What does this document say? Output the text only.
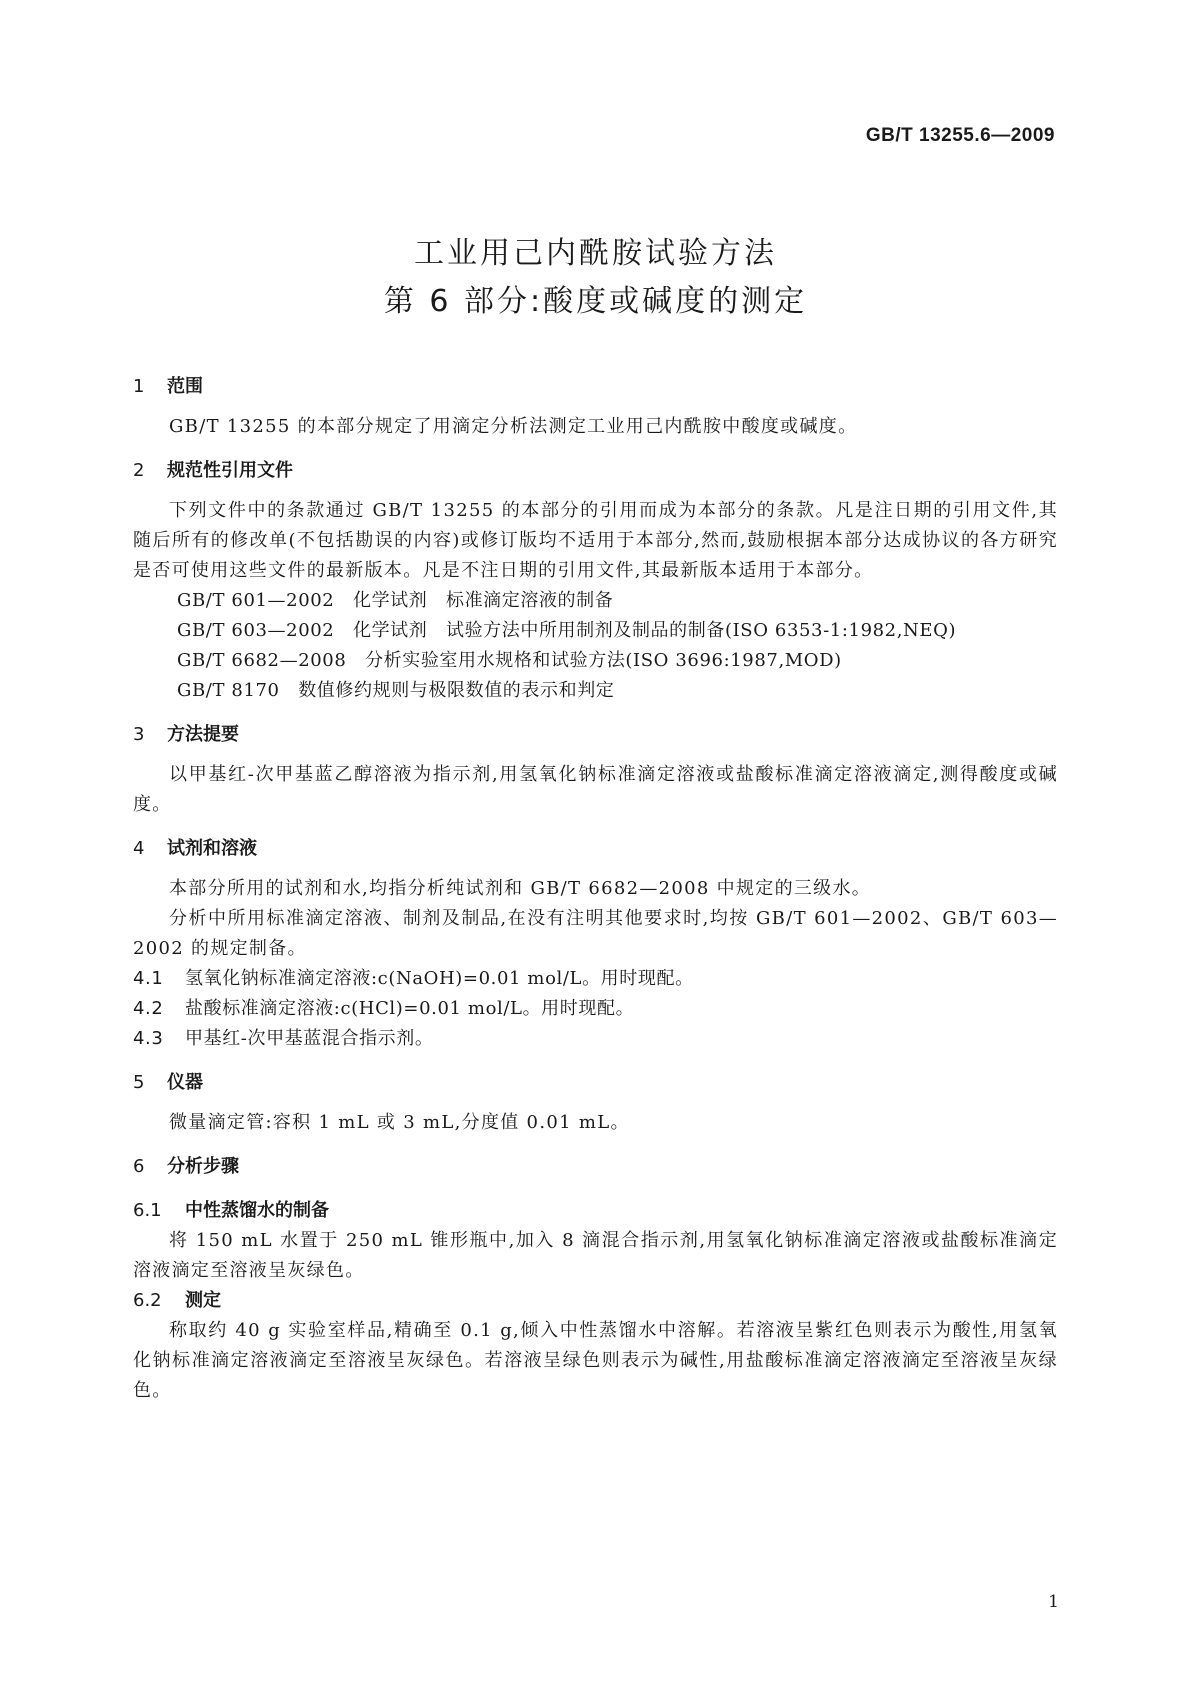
GB/T 13255.6—2009
工业用己内酰胺试验方法
第 6 部分:酸度或碱度的测定
1 范围

GB/T 13255 的本部分规定了用滴定分析法测定工业用己内酰胺中酸度或碱度。

2 规范性引用文件

下列文件中的条款通过 GB/T 13255 的本部分的引用而成为本部分的条款。凡是注日期的引用文件,其随后所有的修改单(不包括勘误的内容)或修订版均不适用于本部分,然而,鼓励根据本部分达成协议的各方研究是否可使用这些文件的最新版本。凡是不注日期的引用文件,其最新版本适用于本部分。

GB/T 601—2002　化学试剂　标准滴定溶液的制备

GB/T 603—2002　化学试剂　试验方法中所用制剂及制品的制备(ISO 6353-1:1982,NEQ)

GB/T 6682—2008　分析实验室用水规格和试验方法(ISO 3696:1987,MOD)

GB/T 8170　数值修约规则与极限数值的表示和判定

3 方法提要

以甲基红-次甲基蓝乙醇溶液为指示剂,用氢氧化钠标准滴定溶液或盐酸标准滴定溶液滴定,测得酸度或碱度。

4 试剂和溶液

本部分所用的试剂和水,均指分析纯试剂和 GB/T 6682—2008 中规定的三级水。

分析中所用标准滴定溶液、制剂及制品,在没有注明其他要求时,均按 GB/T 601—2002、GB/T 603—2002 的规定制备。

4.1 氢氧化钠标准滴定溶液:c(NaOH)=0.01 mol/L。用时现配。

4.2 盐酸标准滴定溶液:c(HCl)=0.01 mol/L。用时现配。

4.3 甲基红-次甲基蓝混合指示剂。

5 仪器

微量滴定管:容积 1 mL 或 3 mL,分度值 0.01 mL。

6 分析步骤
6.1 中性蒸馏水的制备

将 150 mL 水置于 250 mL 锥形瓶中,加入 8 滴混合指示剂,用氢氧化钠标准滴定溶液或盐酸标准滴定溶液滴定至溶液呈灰绿色。

6.2 测定

称取约 40 g 实验室样品,精确至 0.1 g,倾入中性蒸馏水中溶解。若溶液呈紫红色则表示为酸性,用氢氧化钠标准滴定溶液滴定至溶液呈灰绿色。若溶液呈绿色则表示为碱性,用盐酸标准滴定溶液滴定至溶液呈灰绿色。

1
